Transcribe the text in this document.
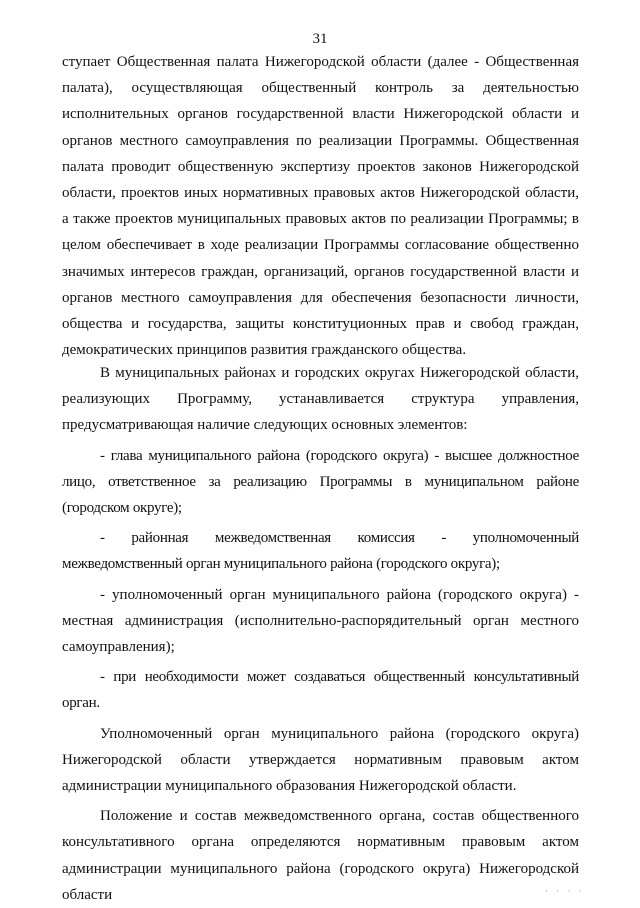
31

ступает Общественная палата Нижегородской области (далее - Общественная палата), осуществляющая общественный контроль за деятельностью исполнительных органов государственной власти Нижегородской области и органов местного самоуправления по реализации Программы. Общественная палата проводит общественную экспертизу проектов законов Нижегородской области, проектов иных нормативных правовых актов Нижегородской области, а также проектов муниципальных правовых актов по реализации Программы; в целом обеспечивает в ходе реализации Программы согласование общественно значимых интересов граждан, организаций, органов государственной власти и органов местного самоуправления для обеспечения безопасности личности, общества и государства, защиты конституционных прав и свобод граждан, демократических принципов развития гражданского общества.

В муниципальных районах и городских округах Нижегородской области, реализующих Программу, устанавливается структура управления, предусматривающая наличие следующих основных элементов:

- глава муниципального района (городского округа) - высшее должностное лицо, ответственное за реализацию Программы в муниципальном районе (городском округе);

- районная межведомственная комиссия - уполномоченный межведомственный орган муниципального района (городского округа);

- уполномоченный орган муниципального района (городского округа) - местная администрация (исполнительно-распорядительный орган местного самоуправления);

- при необходимости может создаваться общественный консультативный орган.

Уполномоченный орган муниципального района (городского округа) Нижегородской области утверждается нормативным правовым актом администрации муниципального образования Нижегородской области.

Положение и состав межведомственного органа, состав общественного консультативного органа определяются нормативным правовым актом администрации муниципального района (городского округа) Нижегородской области	· · · ·
